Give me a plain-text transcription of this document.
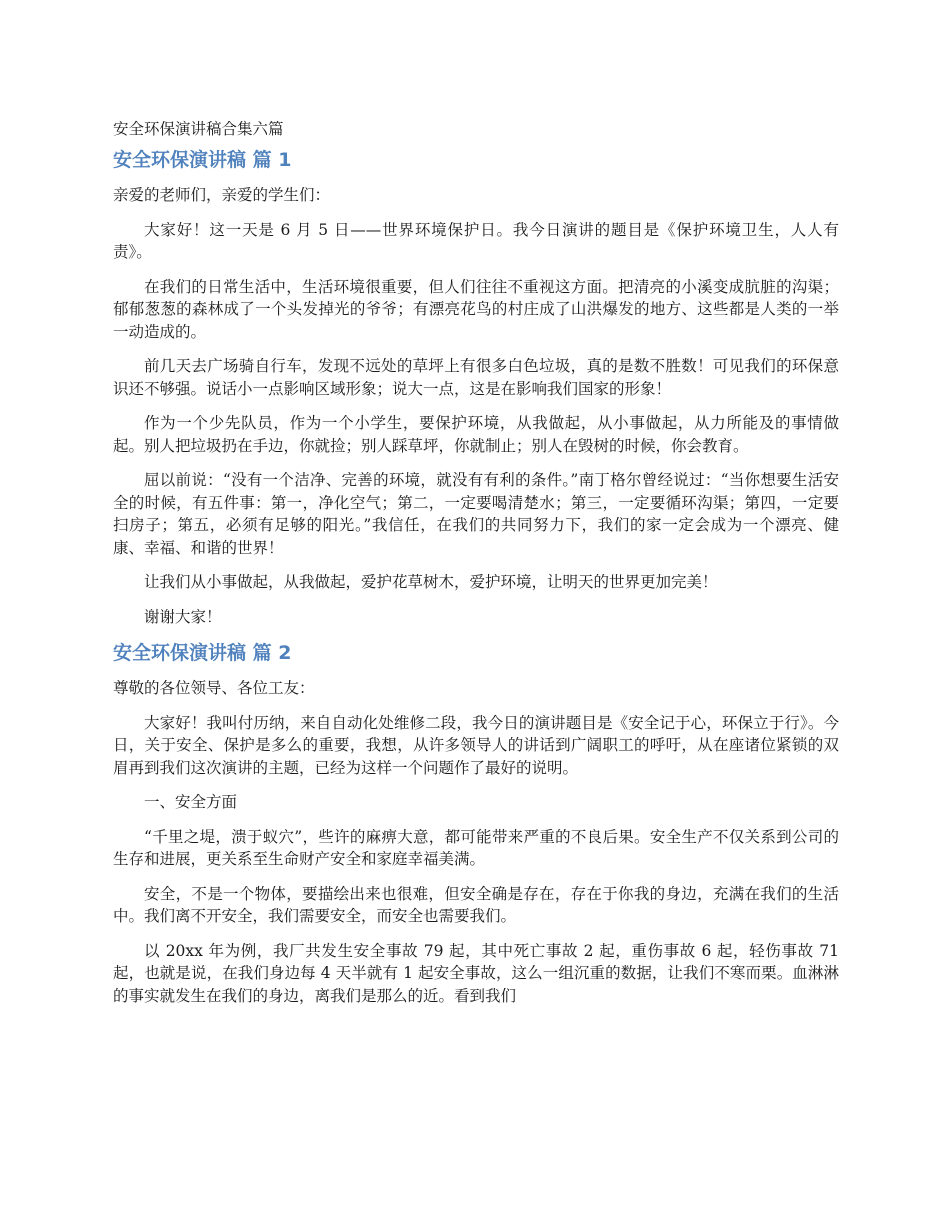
安全环保演讲稿合集六篇
安全环保演讲稿 篇 1

亲爱的老师们，亲爱的学生们：

大家好！这一天是 6 月 5 日——世界环境保护日。我今日演讲的题目是《保护环境卫生，人人有责》。

在我们的日常生活中，生活环境很重要，但人们往往不重视这方面。把清亮的小溪变成肮脏的沟渠；郁郁葱葱的森林成了一个头发掉光的爷爷；有漂亮花鸟的村庄成了山洪爆发的地方、这些都是人类的一举一动造成的。

前几天去广场骑自行车，发现不远处的草坪上有很多白色垃圾，真的是数不胜数！可见我们的环保意识还不够强。说话小一点影响区域形象；说大一点，这是在影响我们国家的形象！

作为一个少先队员，作为一个小学生，要保护环境，从我做起，从小事做起，从力所能及的事情做起。别人把垃圾扔在手边，你就捡；别人踩草坪，你就制止；别人在毁树的时候，你会教育。

屈以前说：“没有一个洁净、完善的环境，就没有有利的条件。”南丁格尔曾经说过：“当你想要生活安全的时候，有五件事：第一，净化空气；第二，一定要喝清楚水；第三，一定要循环沟渠；第四，一定要扫房子；第五，必须有足够的阳光。”我信任，在我们的共同努力下，我们的家一定会成为一个漂亮、健康、幸福、和谐的世界！

让我们从小事做起，从我做起，爱护花草树木，爱护环境，让明天的世界更加完美！

谢谢大家！

安全环保演讲稿 篇 2

尊敬的各位领导、各位工友：

大家好！我叫付历纳，来自自动化处维修二段，我今日的演讲题目是《安全记于心，环保立于行》。今日，关于安全、保护是多么的重要，我想，从许多领导人的讲话到广阔职工的呼吁，从在座诸位紧锁的双眉再到我们这次演讲的主题，已经为这样一个问题作了最好的说明。

一、安全方面

“千里之堤，溃于蚁穴”，些许的麻痹大意，都可能带来严重的不良后果。安全生产不仅关系到公司的生存和进展，更关系至生命财产安全和家庭幸福美满。

安全，不是一个物体，要描绘出来也很难，但安全确是存在，存在于你我的身边，充满在我们的生活中。我们离不开安全，我们需要安全，而安全也需要我们。

以 20xx 年为例，我厂共发生安全事故 79 起，其中死亡事故 2 起，重伤事故 6 起，轻伤事故 71 起，也就是说，在我们身边每 4 天半就有 1 起安全事故，这么一组沉重的数据，让我们不寒而栗。血淋淋的事实就发生在我们的身边，离我们是那么的近。看到我们
